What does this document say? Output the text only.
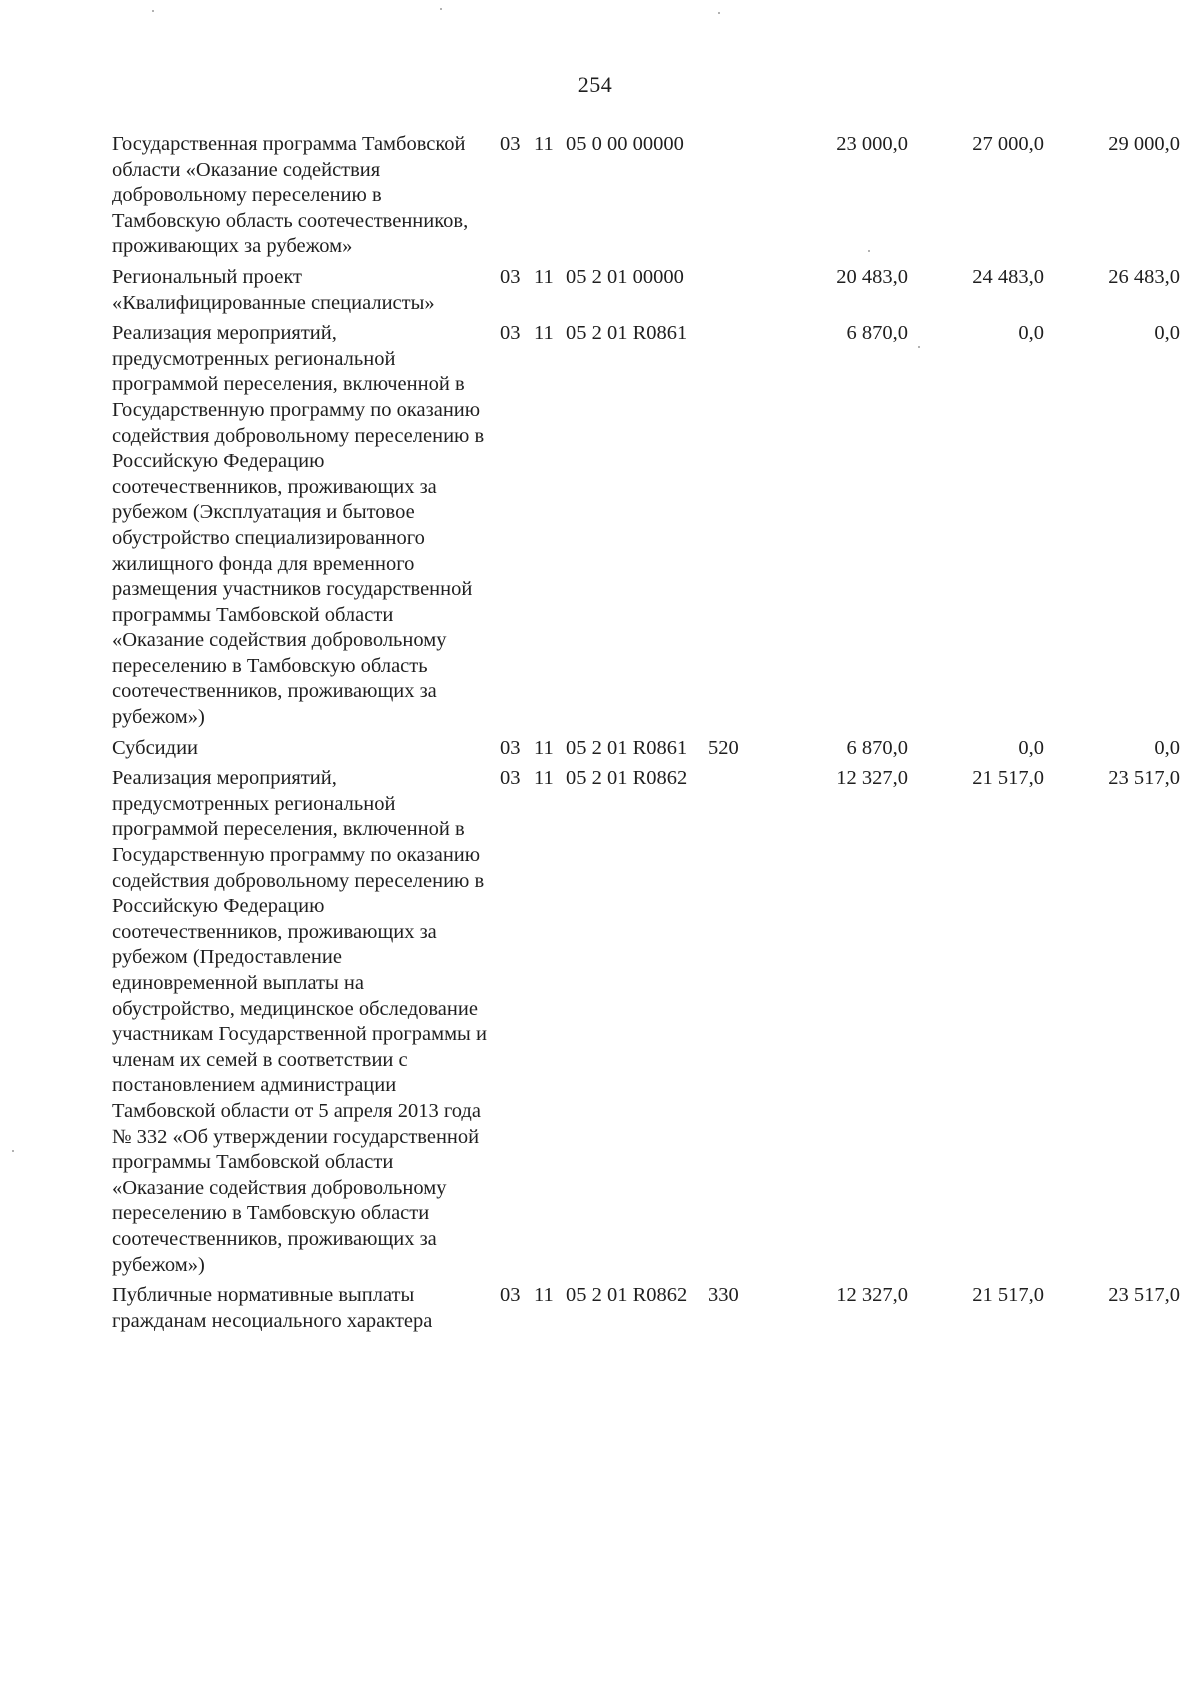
254
Государственная программа Тамбовской области «Оказание содействия добровольному переселению в Тамбовскую область соотечественников, проживающих за рубежом»	03	11	05 0 00 00000		23 000,0	27 000,0	29 000,0
Региональный проект «Квалифицированные специалисты»	03	11	05 2 01 00000		20 483,0	24 483,0	26 483,0
Реализация мероприятий, предусмотренных региональной программой переселения, включенной в Государственную программу по оказанию содействия добровольному переселению в Российскую Федерацию соотечественников, проживающих за рубежом (Эксплуатация и бытовое обустройство специализированного жилищного фонда для временного размещения участников государственной программы Тамбовской области «Оказание содействия добровольному переселению в Тамбовскую область соотечественников, проживающих за рубежом»)	03	11	05 2 01 R0861		6 870,0	0,0	0,0
Субсидии	03	11	05 2 01 R0861	520	6 870,0	0,0	0,0
Реализация мероприятий, предусмотренных региональной программой переселения, включенной в Государственную программу по оказанию содействия добровольному переселению в Российскую Федерацию соотечественников, проживающих за рубежом (Предоставление единовременной выплаты на обустройство, медицинское обследование участникам Государственной программы и членам их семей в соответствии с постановлением администрации Тамбовской области от 5 апреля 2013 года № 332 «Об утверждении государственной программы Тамбовской области «Оказание содействия добровольному переселению в Тамбовскую области соотечественников, проживающих за рубежом»)	03	11	05 2 01 R0862		12 327,0	21 517,0	23 517,0
Публичные нормативные выплаты гражданам несоциального характера	03	11	05 2 01 R0862	330	12 327,0	21 517,0	23 517,0
